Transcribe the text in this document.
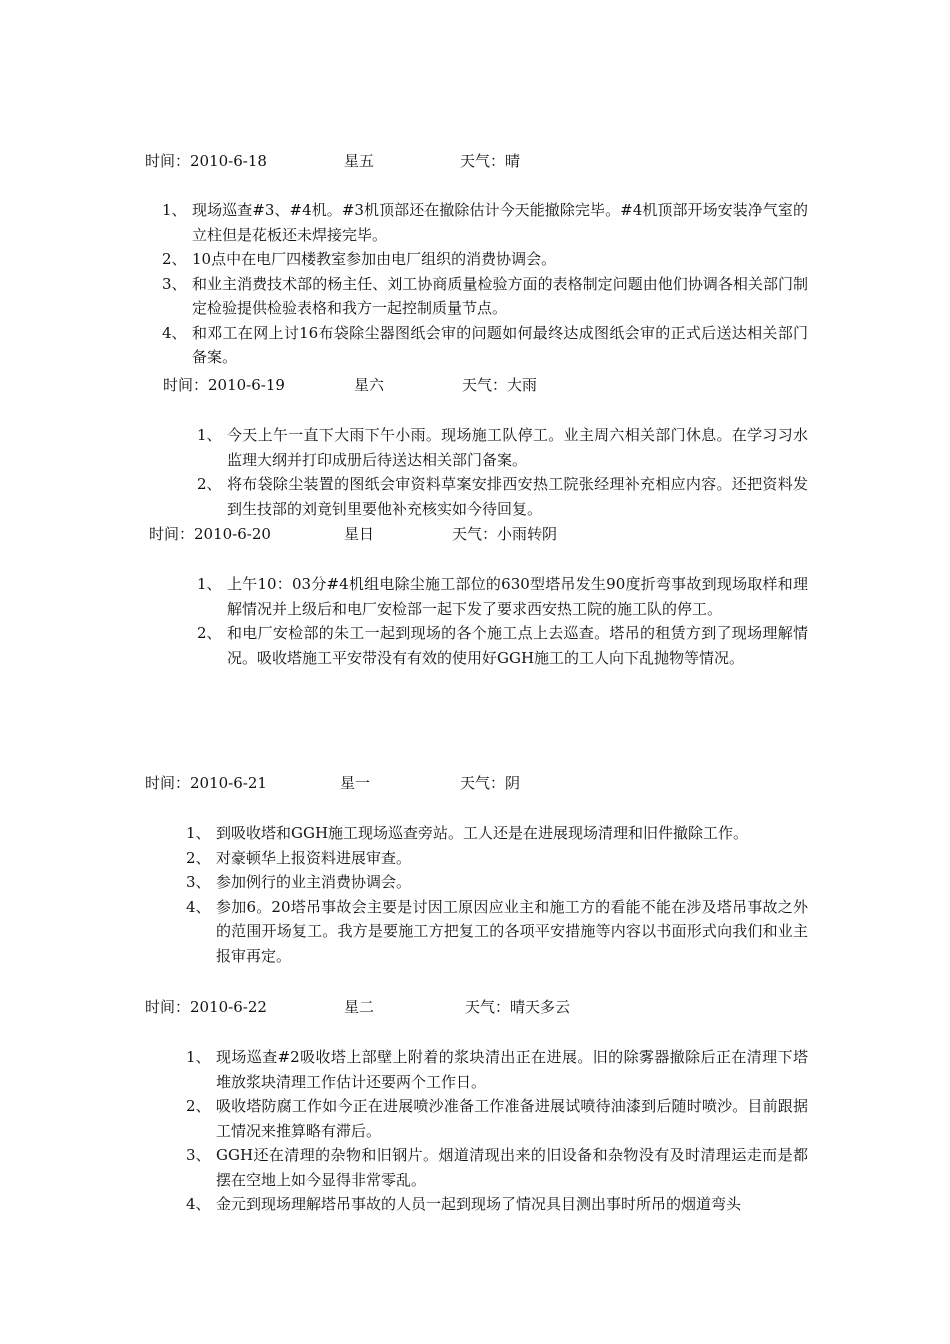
时间：2010-6-18	星五	天气：晴
1、 现场巡查#3、#4机。#3机顶部还在撤除估计今天能撤除完毕。#4机顶部开场安装净气室的立柱但是花板还未焊接完毕。
2、 10点中在电厂四楼教室参加由电厂组织的消费协调会。
3、 和业主消费技术部的杨主任、刘工协商质量检验方面的表格制定问题由他们协调各相关部门制定检验提供检验表格和我方一起控制质量节点。
4、 和邓工在网上讨16布袋除尘器图纸会审的问题如何最终达成图纸会审的正式后送达相关部门备案。
时间：2010-6-19	星六	天气：大雨
1、 今天上午一直下大雨下午小雨。现场施工队停工。业主周六相关部门休息。在学习习水监理大纲并打印成册后待送达相关部门备案。
2、 将布袋除尘装置的图纸会审资料草案安排西安热工院张经理补充相应内容。还把资料发到生技部的刘竟钊里要他补充核实如今待回复。
时间：2010-6-20	星日	天气：小雨转阴
1、 上午10：03分#4机组电除尘施工部位的630型塔吊发生90度折弯事故到现场取样和理解情况并上级后和电厂安检部一起下发了要求西安热工院的施工队的停工。
2、 和电厂安检部的朱工一起到现场的各个施工点上去巡查。塔吊的租赁方到了现场理解情况。吸收塔施工平安带没有有效的使用好GGH施工的工人向下乱抛物等情况。
时间：2010-6-21	星一	天气：阴
1、 到吸收塔和GGH施工现场巡查旁站。工人还是在进展现场清理和旧件撤除工作。
2、 对豪顿华上报资料进展审查。
3、 参加例行的业主消费协调会。
4、 参加6。20塔吊事故会主要是讨因工原因应业主和施工方的看能不能在涉及塔吊事故之外的范围开场复工。我方是要施工方把复工的各项平安措施等内容以书面形式向我们和业主报审再定。
时间：2010-6-22	星二	天气：晴天多云
1、 现场巡查#2吸收塔上部壁上附着的浆块清出正在进展。旧的除雾器撤除后正在清理下塔堆放浆块清理工作估计还要两个工作日。
2、 吸收塔防腐工作如今正在进展喷沙准备工作准备进展试喷待油漆到后随时喷沙。目前跟据工情况来推算略有滞后。
3、 GGH还在清理的杂物和旧钢片。烟道清现出来的旧设备和杂物没有及时清理运走而是都摆在空地上如今显得非常零乱。
4、 金元到现场理解塔吊事故的人员一起到现场了情况具目测出事时所吊的烟道弯头
